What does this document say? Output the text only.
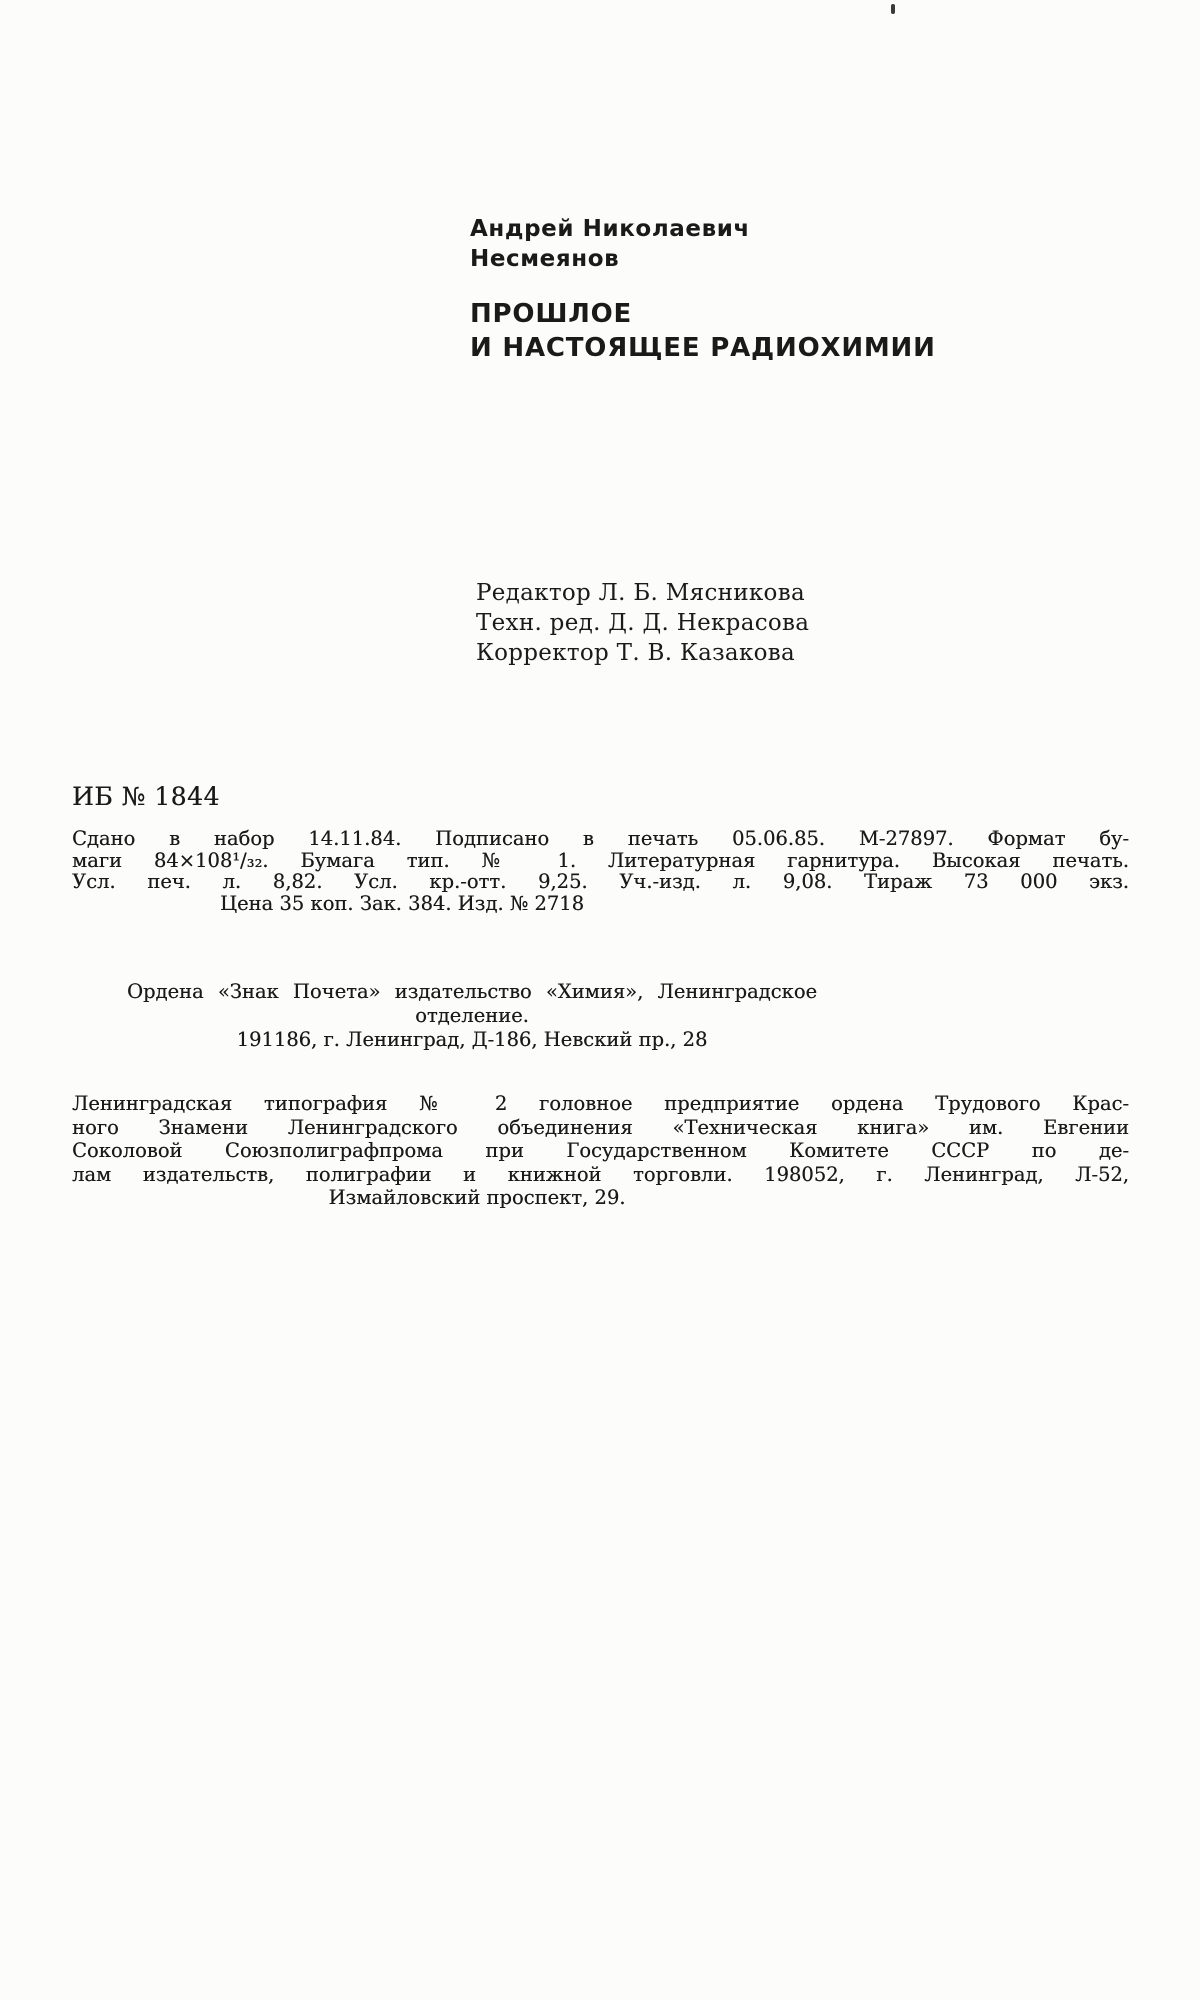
Андрей Николаевич
Несмеянов
ПРОШЛОЕ
И НАСТОЯЩЕЕ РАДИОХИМИИ
Редактор Л. Б. Мясникова
Техн. ред. Д. Д. Некрасова
Корректор Т. В. Казакова
ИБ № 1844
Сдано в набор 14.11.84. Подписано в печать 05.06.85. М-27897. Формат бу-
маги 84×108¹/₃₂. Бумага тип. № 1. Литературная гарнитура. Высокая печать.
Усл. печ. л. 8,82. Усл. кр.-отт. 9,25. Уч.-изд. л. 9,08. Тираж 73 000 экз.
Цена 35 коп. Зак. 384. Изд. № 2718
Ордена «Знак Почета» издательство «Химия», Ленинградское отделение.
191186, г. Ленинград, Д-186, Невский пр., 28
Ленинградская типография № 2 головное предприятие ордена Трудового Крас-
ного Знамени Ленинградского объединения «Техническая книга» им. Евгении
Соколовой Союзполиграфпрома при Государственном Комитете СССР по де-
лам издательств, полиграфии и книжной торговли. 198052, г. Ленинград, Л-52,
Измайловский проспект, 29.
